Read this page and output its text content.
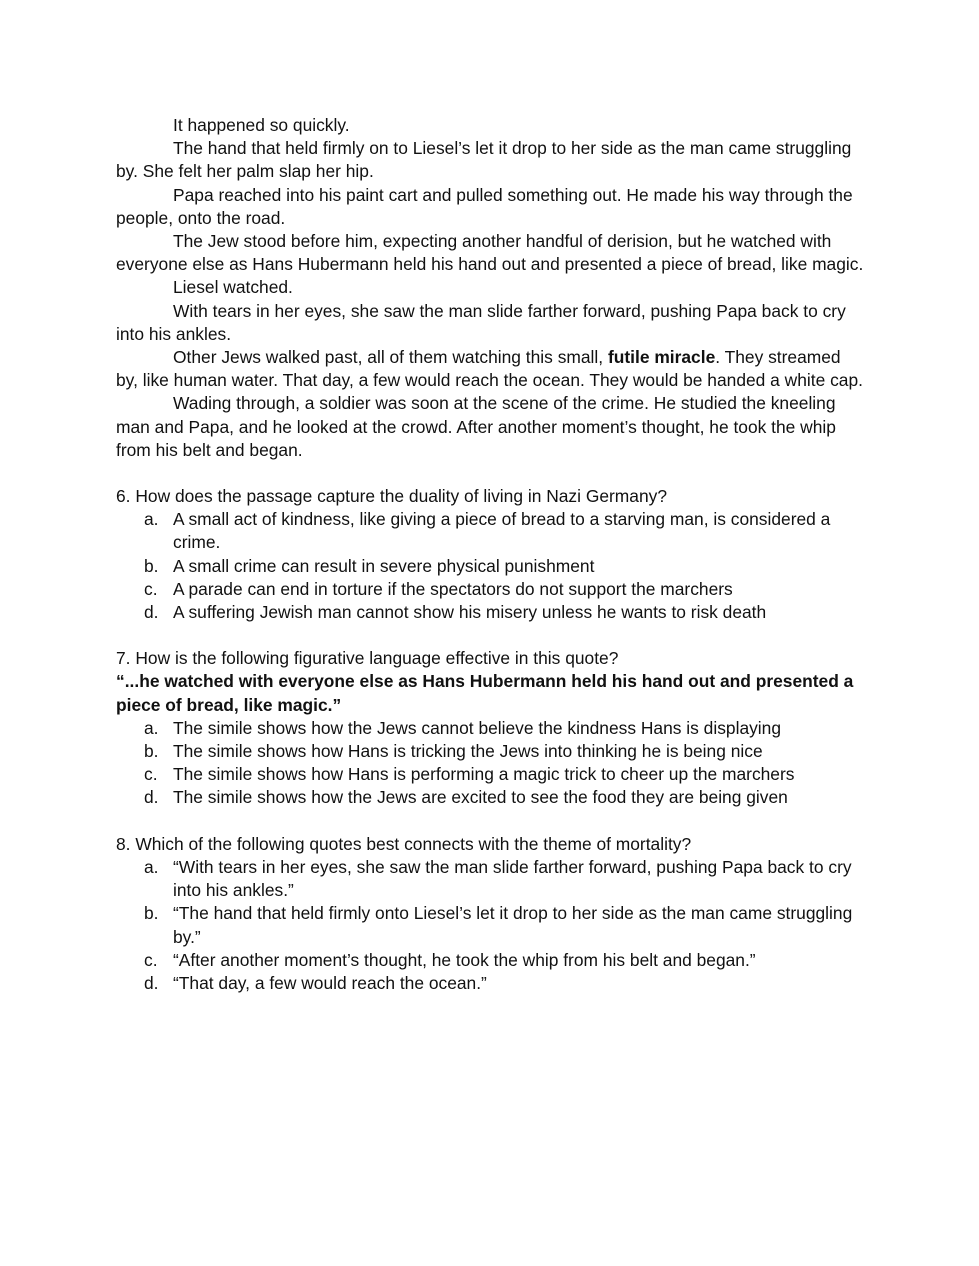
It happened so quickly.

The hand that held firmly on to Liesel’s let it drop to her side as the man came struggling by. She felt her palm slap her hip.

Papa reached into his paint cart and pulled something out. He made his way through the people, onto the road.

The Jew stood before him, expecting another handful of derision, but he watched with everyone else as Hans Hubermann held his hand out and presented a piece of bread, like magic.

Liesel watched.

With tears in her eyes, she saw the man slide farther forward, pushing Papa back to cry into his ankles.

Other Jews walked past, all of them watching this small, futile miracle. They streamed by, like human water. That day, a few would reach the ocean. They would be handed a white cap.

Wading through, a soldier was soon at the scene of the crime. He studied the kneeling man and Papa, and he looked at the crowd. After another moment’s thought, he took the whip from his belt and began.

6. How does the passage capture the duality of living in Nazi Germany?

a. A small act of kindness, like giving a piece of bread to a starving man, is considered a crime.
b. A small crime can result in severe physical punishment
c. A parade can end in torture if the spectators do not support the marchers
d. A suffering Jewish man cannot show his misery unless he wants to risk death

7. How is the following figurative language effective in this quote?

“...he watched with everyone else as Hans Hubermann held his hand out and presented a piece of bread, like magic.”

a. The simile shows how the Jews cannot believe the kindness Hans is displaying
b. The simile shows how Hans is tricking the Jews into thinking he is being nice
c. The simile shows how Hans is performing a magic trick to cheer up the marchers
d. The simile shows how the Jews are excited to see the food they are being given

8. Which of the following quotes best connects with the theme of mortality?

a. “With tears in her eyes, she saw the man slide farther forward, pushing Papa back to cry into his ankles.”
b. “The hand that held firmly onto Liesel’s let it drop to her side as the man came struggling by.”
c. “After another moment’s thought, he took the whip from his belt and began.”
d. “That day, a few would reach the ocean.”
